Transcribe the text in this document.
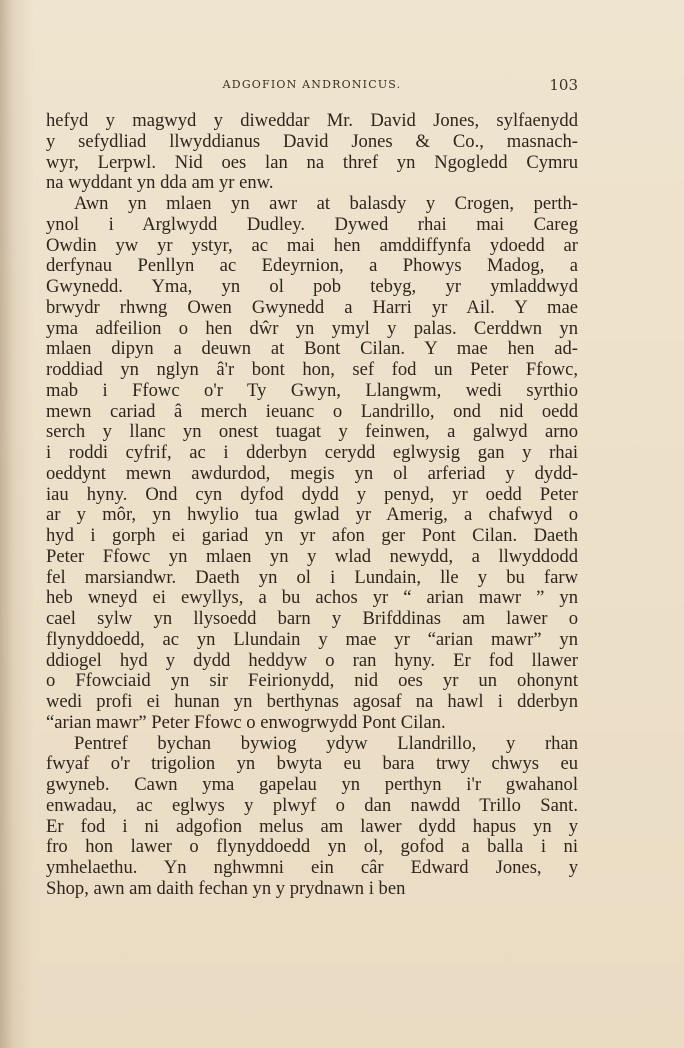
ADGOFION ANDRONICUS.	103
hefyd y magwyd y diweddar Mr. David Jones, sylfaenydd
y sefydliad llwyddianus David Jones & Co., masnach-
wyr, Lerpwl. Nid oes lan na thref yn Ngogledd Cymru
na wyddant yn dda am yr enw.
Awn yn mlaen yn awr at balasdy y Crogen, perth-
ynol i Arglwydd Dudley. Dywed rhai mai Careg
Owdin yw yr ystyr, ac mai hen amddiffynfa ydoedd ar
derfynau Penllyn ac Edeyrnion, a Phowys Madog, a
Gwynedd. Yma, yn ol pob tebyg, yr ymladdwyd
brwydr rhwng Owen Gwynedd a Harri yr Ail. Y mae
yma adfeilion o hen dŵr yn ymyl y palas. Cerddwn yn
mlaen dipyn a deuwn at Bont Cilan. Y mae hen ad-
roddiad yn nglyn â'r bont hon, sef fod un Peter Ffowc,
mab i Ffowc o'r Ty Gwyn, Llangwm, wedi syrthio
mewn cariad â merch ieuanc o Landrillo, ond nid oedd
serch y llanc yn onest tuagat y feinwen, a galwyd arno
i roddi cyfrif, ac i dderbyn cerydd eglwysig gan y rhai
oeddynt mewn awdurdod, megis yn ol arferiad y dydd-
iau hyny. Ond cyn dyfod dydd y penyd, yr oedd Peter
ar y môr, yn hwylio tua gwlad yr Amerig, a chafwyd o
hyd i gorph ei gariad yn yr afon ger Pont Cilan. Daeth
Peter Ffowc yn mlaen yn y wlad newydd, a llwyddodd
fel marsiandwr. Daeth yn ol i Lundain, lle y bu farw
heb wneyd ei ewyllys, a bu achos yr “ arian mawr ” yn
cael sylw yn llysoedd barn y Brifddinas am lawer o
flynyddoedd, ac yn Llundain y mae yr “arian mawr” yn
ddiogel hyd y dydd heddyw o ran hyny. Er fod llawer
o Ffowciaid yn sir Feirionydd, nid oes yr un ohonynt
wedi profi ei hunan yn berthynas agosaf na hawl i dderbyn
“arian mawr” Peter Ffowc o enwogrwydd Pont Cilan.
Pentref bychan bywiog ydyw Llandrillo, y rhan
fwyaf o'r trigolion yn bwyta eu bara trwy chwys eu
gwyneb. Cawn yma gapelau yn perthyn i'r gwahanol
enwadau, ac eglwys y plwyf o dan nawdd Trillo Sant.
Er fod i ni adgofion melus am lawer dydd hapus yn y
fro hon lawer o flynyddoedd yn ol, gofod a balla i ni
ymhelaethu. Yn nghwmni ein câr Edward Jones, y
Shop, awn am daith fechan yn y prydnawn i ben
